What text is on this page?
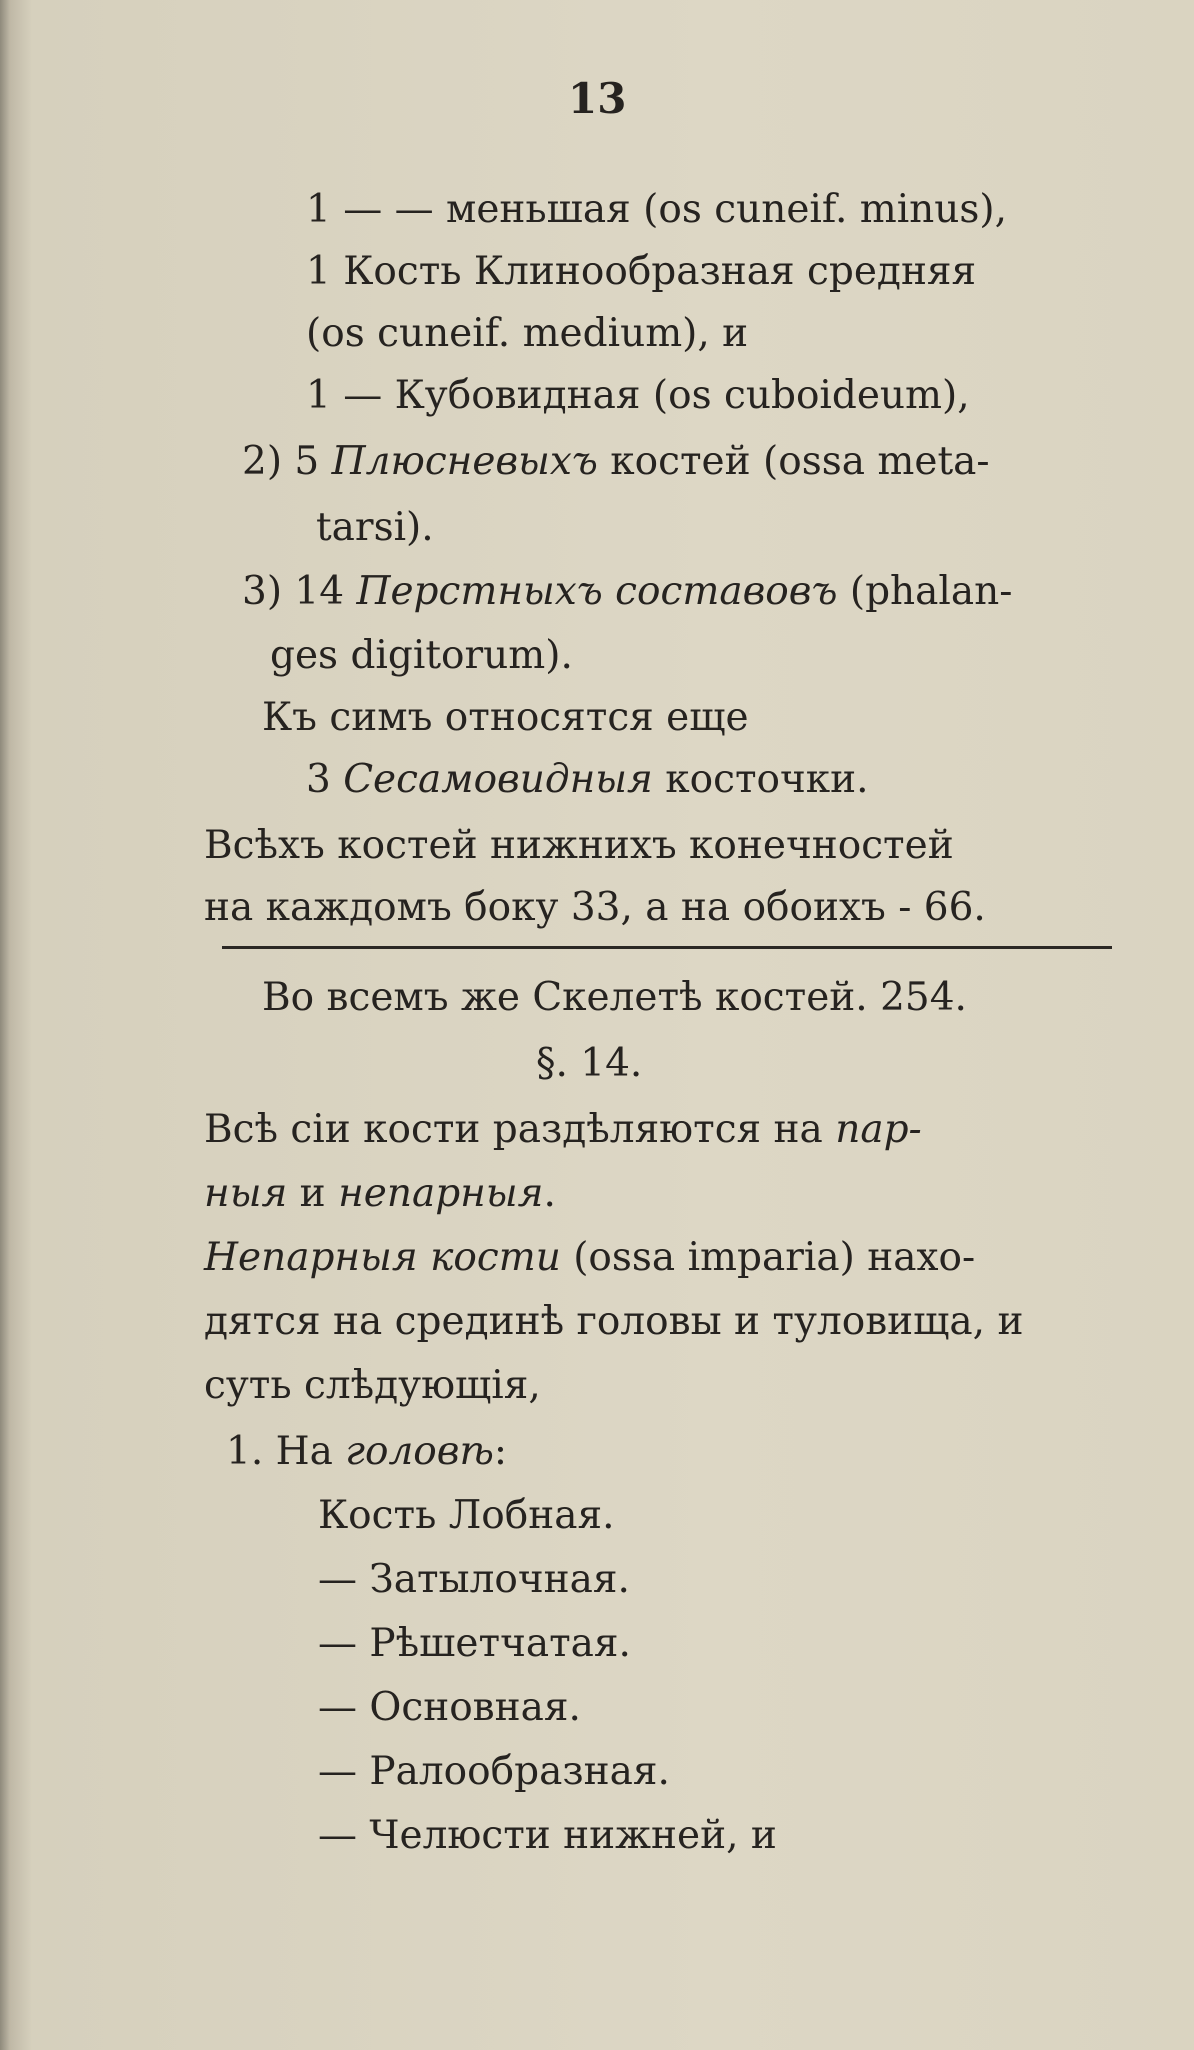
13
1 — — меньшая (os cuneif. minus),
1 Кость Клинообразная средняя
(os cuneif. medium), и
1 — Кубовидная (os cuboideum),
2) 5 Плюсневыхъ костей (ossa meta-
tarsi).
3) 14 Перстныхъ составовъ (phalan-
ges digitorum).
Къ симъ относятся еще
3 Сесамовидныя косточки.
Всѣхъ костей нижнихъ конечностей
на каждомъ боку 33, а на обоихъ - 66.
Во всемъ же Скелетѣ костей. 254.
§. 14.
Всѣ сіи кости раздѣляются на пар-
ныя и непарныя.
Непарныя кости (ossa imparia) нахо-
дятся на срединѣ головы и туловища, и
суть слѣдующія,
1. На головѣ:
Кость Лобная.
— Затылочная.
— Рѣшетчатая.
— Основная.
— Ралообразная.
— Челюсти нижней, и
